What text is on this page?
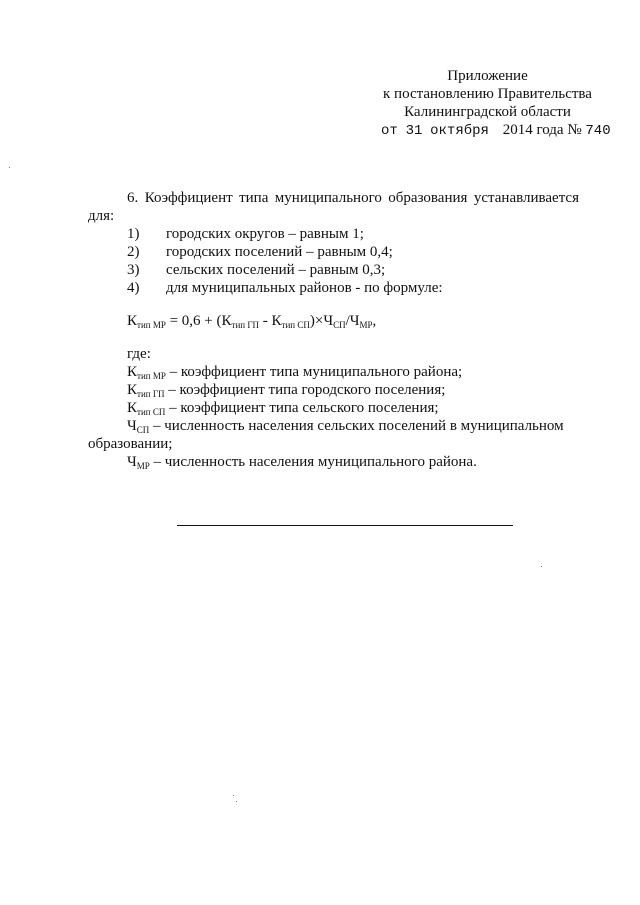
Приложение
к постановлению Правительства
Калининградской области
от 31 октября 2014 года № 740
6. Коэффициент типа муниципального образования устанавливается
для:
1) городских округов – равным 1;
2) городских поселений – равным 0,4;
3) сельских поселений – равным 0,3;
4) для муниципальных районов - по формуле:
$К_{тип МР} = 0,6 + (К_{тип ГП} - К_{тип СП})\times Ч_{СП}/Ч_{МР}$,
где:
$К_{тип МР}$ – коэффициент типа муниципального района;
$К_{тип ГП}$ – коэффициент типа городского поселения;
$К_{тип СП}$ – коэффициент типа сельского поселения;
$Ч_{СП}$ – численность населения сельских поселений в муниципальном
образовании;
$Ч_{МР}$ – численность населения муниципального района.
